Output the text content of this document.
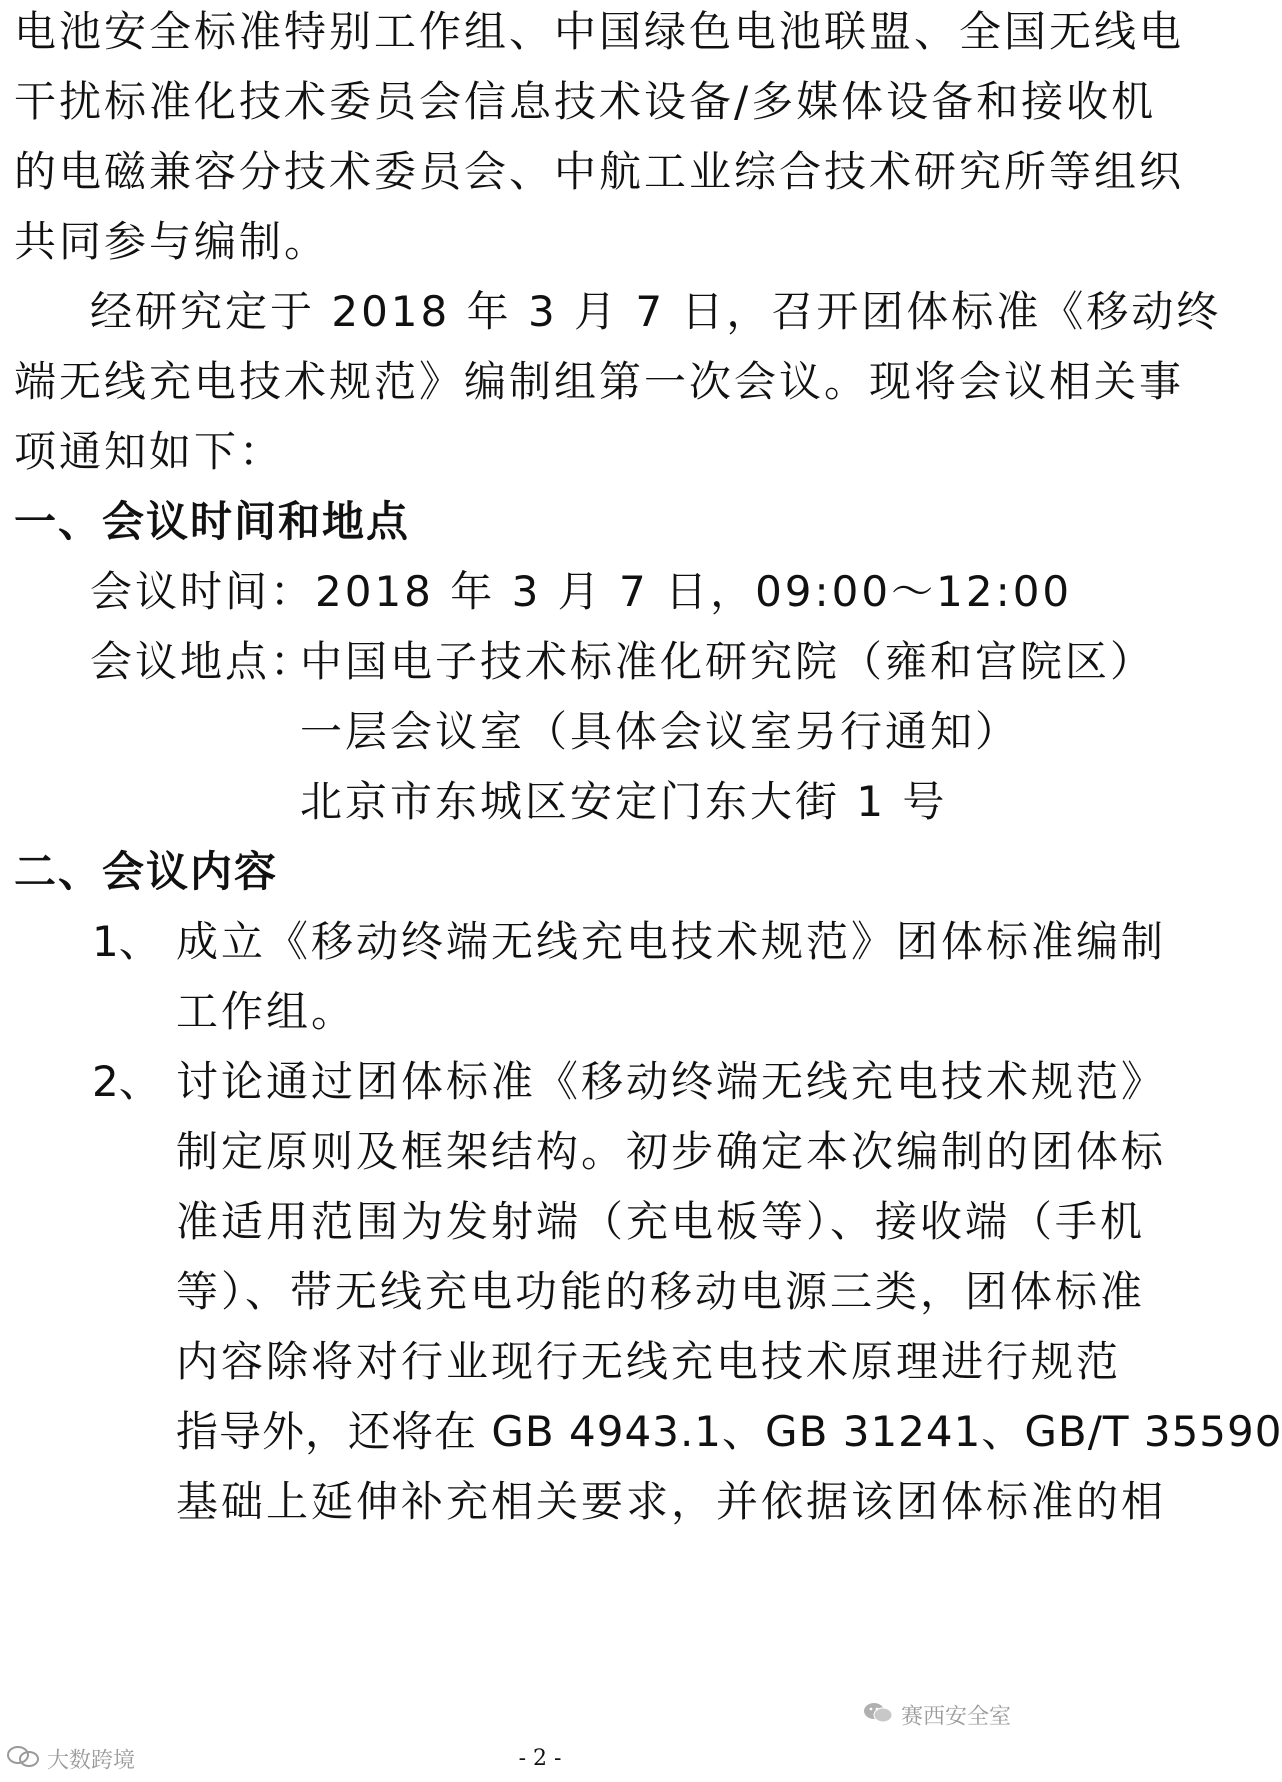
电池安全标准特别工作组、中国绿色电池联盟、全国无线电
干扰标准化技术委员会信息技术设备/多媒体设备和接收机
的电磁兼容分技术委员会、中航工业综合技术研究所等组织
共同参与编制。
经研究定于 2018 年 3 月 7 日，召开团体标准《移动终
端无线充电技术规范》编制组第一次会议。现将会议相关事
项通知如下：
一、会议时间和地点
会议时间：2018 年 3 月 7 日，09:00～12:00
会议地点：
中国电子技术标准化研究院（雍和宫院区）
一层会议室（具体会议室另行通知）
北京市东城区安定门东大街 1 号
二、会议内容
1、 成立《移动终端无线充电技术规范》团体标准编制
工作组。
2、 讨论通过团体标准《移动终端无线充电技术规范》
制定原则及框架结构。初步确定本次编制的团体标
准适用范围为发射端（充电板等）、接收端（手机
等）、带无线充电功能的移动电源三类，团体标准
内容除将对行业现行无线充电技术原理进行规范
指导外，还将在 GB 4943.1、GB 31241、GB/T 35590
基础上延伸补充相关要求，并依据该团体标准的相
大数跨境	- 2 -
赛西安全室
